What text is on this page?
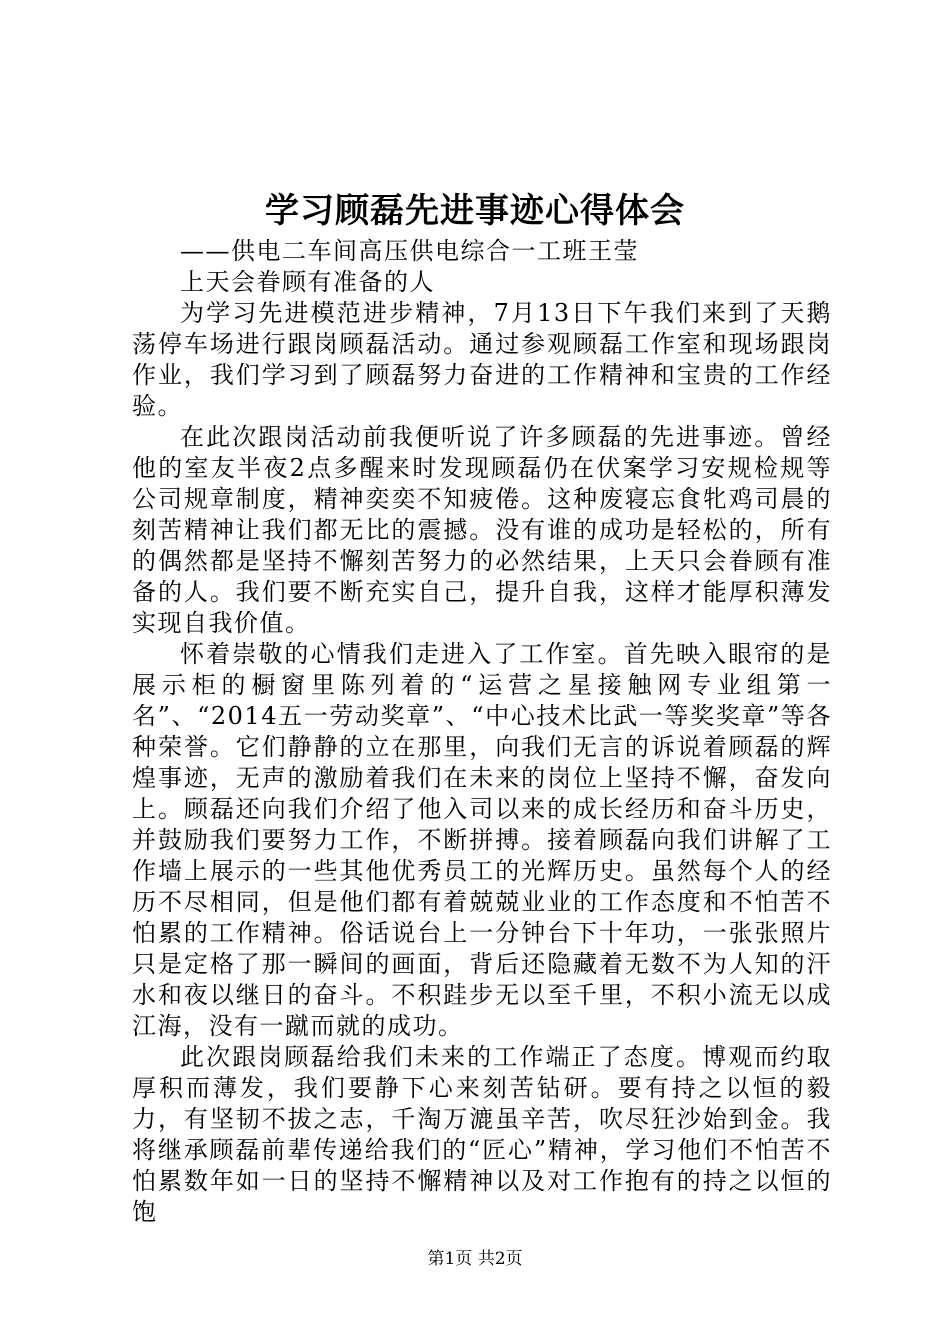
学习顾磊先进事迹心得体会

——供电二车间高压供电综合一工班王莹

上天会眷顾有准备的人

为学习先进模范进步精神，7月13日下午我们来到了天鹅荡停车场进行跟岗顾磊活动。通过参观顾磊工作室和现场跟岗作业，我们学习到了顾磊努力奋进的工作精神和宝贵的工作经验。

在此次跟岗活动前我便听说了许多顾磊的先进事迹。曾经他的室友半夜2点多醒来时发现顾磊仍在伏案学习安规检规等公司规章制度，精神奕奕不知疲倦。这种废寝忘食牝鸡司晨的刻苦精神让我们都无比的震撼。没有谁的成功是轻松的，所有的偶然都是坚持不懈刻苦努力的必然结果，上天只会眷顾有准备的人。我们要不断充实自己，提升自我，这样才能厚积薄发实现自我价值。

怀着崇敬的心情我们走进入了工作室。首先映入眼帘的是展示柜的橱窗里陈列着的“运营之星接触网专业组第一名”、“2014五一劳动奖章”、“中心技术比武一等奖奖章”等各种荣誉。它们静静的立在那里，向我们无言的诉说着顾磊的辉煌事迹，无声的激励着我们在未来的岗位上坚持不懈，奋发向上。顾磊还向我们介绍了他入司以来的成长经历和奋斗历史，并鼓励我们要努力工作，不断拼搏。接着顾磊向我们讲解了工作墙上展示的一些其他优秀员工的光辉历史。虽然每个人的经历不尽相同，但是他们都有着兢兢业业的工作态度和不怕苦不怕累的工作精神。俗话说台上一分钟台下十年功，一张张照片只是定格了那一瞬间的画面，背后还隐藏着无数不为人知的汗水和夜以继日的奋斗。不积跬步无以至千里，不积小流无以成江海，没有一蹴而就的成功。

此次跟岗顾磊给我们未来的工作端正了态度。博观而约取厚积而薄发，我们要静下心来刻苦钻研。要有持之以恒的毅力，有坚韧不拔之志，千淘万漉虽辛苦，吹尽狂沙始到金。我将继承顾磊前辈传递给我们的“匠心”精神，学习他们不怕苦不怕累数年如一日的坚持不懈精神以及对工作抱有的持之以恒的饱

第1页 共2页
